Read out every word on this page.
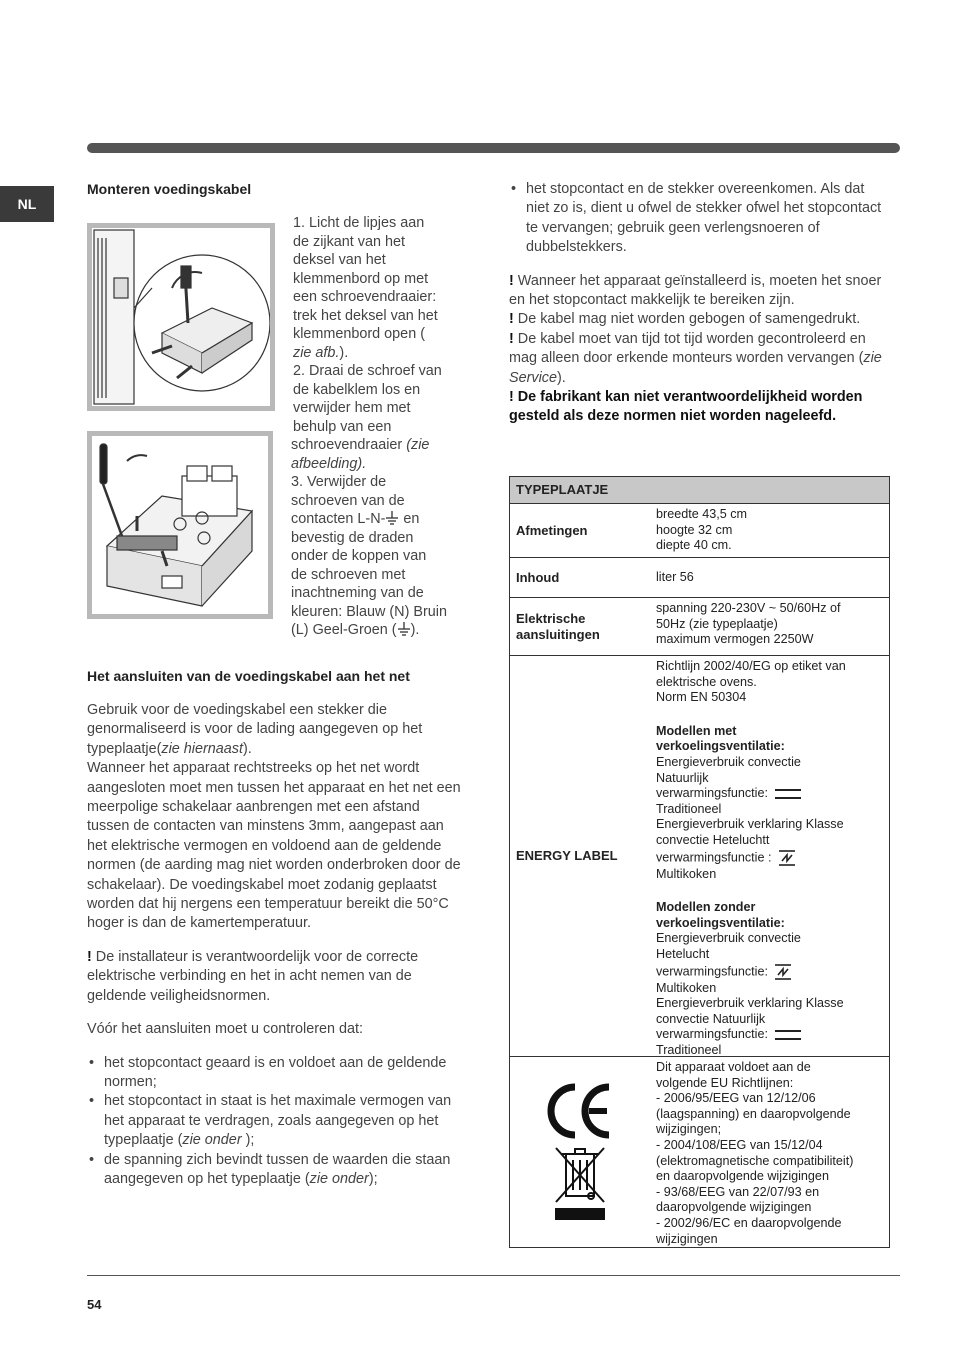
NL
Monteren voedingskabel
1. Licht de lipjes aan
de zijkant van het
deksel van het
klemmenbord op met
een schroevendraaier:
trek het deksel van het
klemmenbord open (
zie afb.).
2. Draai de schroef van
de kabelklem los en
verwijder hem met
behulp van een
schroevendraaier (zie
afbeelding).
3. Verwijder de
schroeven van de
contacten L-N- en
bevestig de draden
onder de koppen van
de schroeven met
inachtneming van de
kleuren: Blauw (N) Bruin
(L) Geel-Groen ( ).
Het aansluiten van de voedingskabel aan het net

Gebruik voor de voedingskabel een stekker die genormaliseerd is voor de lading aangegeven op het typeplaatje(zie hiernaast).

Wanneer het apparaat rechtstreeks op het net wordt aangesloten moet men tussen het apparaat en het net een meerpolige schakelaar aanbrengen met een afstand tussen de contacten van minstens 3mm, aangepast aan het elektrische vermogen en voldoend aan de geldende normen (de aarding mag niet worden onderbroken door de schakelaar). De voedingskabel moet zodanig geplaatst worden dat hij nergens een temperatuur bereikt die 50°C hoger is dan de kamertemperatuur.

! De installateur is verantwoordelijk voor de correcte elektrische verbinding en het in acht nemen van de geldende veiligheidsnormen.

Vóór het aansluiten moet u controleren dat:

• het stopcontact geaard is en voldoet aan de geldende normen;
• het stopcontact in staat is het maximale vermogen van het apparaat te verdragen, zoals aangegeven op het typeplaatje (zie onder );
• de spanning zich bevindt tussen de waarden die staan aangegeven op het typeplaatje (zie onder);
• het stopcontact en de stekker overeenkomen. Als dat niet zo is, dient u ofwel de stekker ofwel het stopcontact te vervangen; gebruik geen verlengsnoeren of dubbelstekkers.

! Wanneer het apparaat geïnstalleerd is, moeten het snoer en het stopcontact makkelijk te bereiken zijn.

! De kabel mag niet worden gebogen of samengedrukt.

! De kabel moet van tijd tot tijd worden gecontroleerd en mag alleen door erkende monteurs worden vervangen (zie Service).

! De fabrikant kan niet verantwoordelijkheid worden gesteld als deze normen niet worden nageleefd.

TYPEPLAATJE
Afmetingen

breedte 43,5 cm

hoogte 32 cm

diepte 40 cm.

Inhoud	liter 56

Elektrische
aansluitingen

spanning 220-230V ~ 50/60Hz of

50Hz (zie typeplaatje)

maximum vermogen 2250W

ENERGY LABEL

Richtlijn 2002/40/EG op etiket van

elektrische ovens.

Norm EN 50304

Modellen met

verkoelingsventilatie:

Energieverbruik convectie

Natuurlijk

verwarmingsfunctie:

Traditioneel

Energieverbruik verklaring Klasse

convectie Heteluchtt

verwarmingsfunctie :

Multikoken

Modellen zonder

verkoelingsventilatie:

Energieverbruik convectie

Hetelucht

verwarmingsfunctie:

Multikoken

Energieverbruik verklaring Klasse

convectie Natuurlijk

verwarmingsfunctie:

Traditioneel

Dit apparaat voldoet aan de

volgende EU Richtlijnen:

- 2006/95/EEG van 12/12/06

(laagspanning) en daaropvolgende

wijzigingen;

- 2004/108/EEG van 15/12/04

(elektromagnetische compatibiliteit)

en daaropvolgende wijzigingen

- 93/68/EEG van 22/07/93 en

daaropvolgende wijzigingen

- 2002/96/EC en daaropvolgende

wijzigingen

54
